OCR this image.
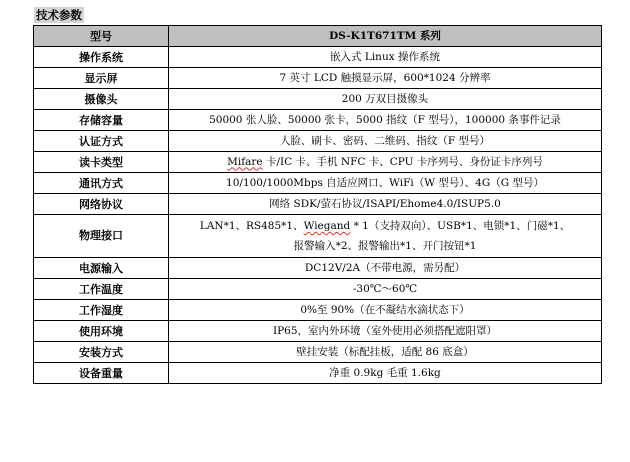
技术参数
型号	DS-K1T671TM 系列
操作系统	嵌入式 Linux 操作系统
显示屏	7 英寸 LCD 触摸显示屏，600*1024 分辨率
摄像头	200 万双目摄像头
存储容量	50000 张人脸、50000 张卡，5000 指纹（F 型号），100000 条事件记录
认证方式	人脸、刷卡、密码、二维码、指纹（F 型号）
读卡类型	Mifare 卡/IC 卡、手机 NFC 卡、CPU 卡序列号、身份证卡序列号
通讯方式	10/100/1000Mbps 自适应网口、WiFi（W 型号）、4G（G 型号）
网络协议	网络 SDK/萤石协议/ISAPI/Ehome4.0/ISUP5.0
物理接口	LAN*1、RS485*1、Wiegand * 1（支持双向）、USB*1、电锁*1、门磁*1、
报警输入*2、报警输出*1、开门按钮*1

电源输入	DC12V/2A（不带电源，需另配）
工作温度	-30℃～60℃
工作湿度	0%至 90%（在不凝结水滴状态下）
使用环境	IP65，室内外环境（室外使用必须搭配遮阳罩）
安装方式	壁挂安装（标配挂板，适配 86 底盒）
设备重量	净重 0.9kg 毛重 1.6kg
